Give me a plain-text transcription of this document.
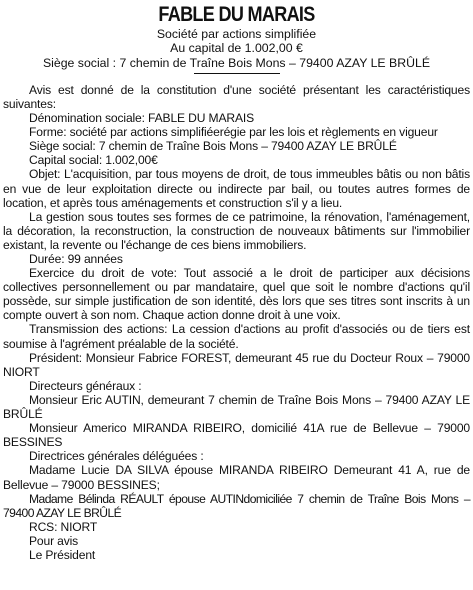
FABLE DU MARAIS

Société par actions simplifiée

Au capital de 1.002,00 €

Siège social : 7 chemin de Traîne Bois Mons – 79400 AZAY LE BRÛLÉ

Avis est donné de la constitution d'une société présentant les caractéristiques suivantes:

Dénomination sociale: FABLE DU MARAIS

Forme: société par actions simplifiéerégie par les lois et règlements en vigueur

Siège social: 7 chemin de Traîne Bois Mons – 79400 AZAY LE BRÛLÉ

Capital social: 1.002,00€

Objet: L'acquisition, par tous moyens de droit, de tous immeubles bâtis ou non bâtis en vue de leur exploitation directe ou indirecte par bail, ou toutes autres formes de location, et après tous aménagements et construction s'il y a lieu.

La gestion sous toutes ses formes de ce patrimoine, la rénovation, l'aménagement, la décoration, la reconstruction, la construction de nouveaux bâtiments sur l'immobilier existant, la revente ou l'échange de ces biens immobiliers.

Durée: 99 années

Exercice du droit de vote: Tout associé a le droit de participer aux décisions collectives personnellement ou par mandataire, quel que soit le nombre d'actions qu'il possède, sur simple justification de son identité, dès lors que ses titres sont inscrits à un compte ouvert à son nom. Chaque action donne droit à une voix.

Transmission des actions: La cession d'actions au profit d'associés ou de tiers est soumise à l'agrément préalable de la société.

Président: Monsieur Fabrice FOREST, demeurant 45 rue du Docteur Roux – 79000 NIORT

Directeurs généraux :

Monsieur Eric AUTIN, demeurant 7 chemin de Traîne Bois Mons – 79400 AZAY LE BRÛLÉ

Monsieur Americo MIRANDA RIBEIRO, domicilié 41A rue de Bellevue – 79000 BESSINES

Directrices générales déléguées :

Madame Lucie DA SILVA épouse MIRANDA RIBEIRO Demeurant 41 A, rue de Bellevue – 79000 BESSINES;

Madame Bélinda RÉAULT épouse AUTINdomiciliée 7 chemin de Traîne Bois Mons – 79400 AZAY LE BRÛLÉ

RCS: NIORT

Pour avis

Le Président
